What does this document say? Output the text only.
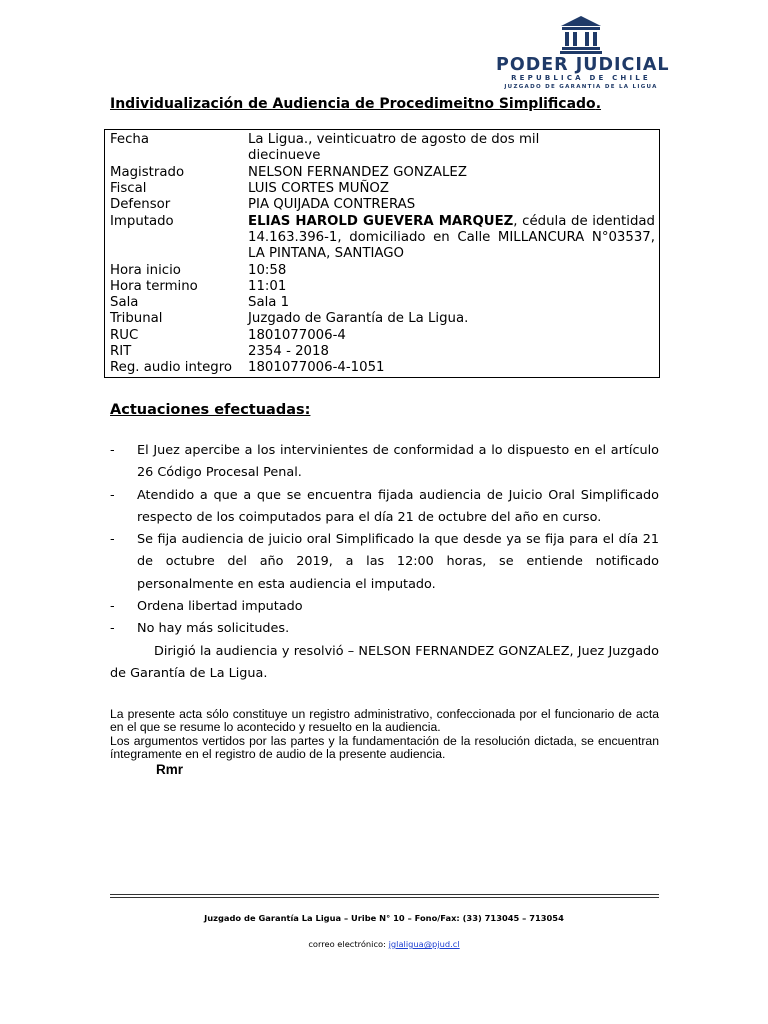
PODER JUDICIAL
REPUBLICA DE CHILE
JUZGADO DE GARANTIA DE LA LIGUA
Individualización de Audiencia de Procedimeitno Simplificado.
Fecha	La Ligua., veinticuatro de agosto de dos mil diecinueve
Magistrado	NELSON FERNANDEZ GONZALEZ
Fiscal	LUIS CORTES MUÑOZ
Defensor	PIA QUIJADA CONTRERAS
Imputado	ELIAS HAROLD GUEVERA MARQUEZ, cédula de identidad 14.163.396-1, domiciliado en Calle MILLANCURA N°03537, LA PINTANA, SANTIAGO
Hora inicio	10:58
Hora termino	11:01
Sala	Sala 1
Tribunal	Juzgado de Garantía de La Ligua.
RUC	1801077006-4
RIT	2354 - 2018
Reg. audio integro 1801077006-4-1051
Actuaciones efectuadas:
- El Juez apercibe a los intervinientes de conformidad a lo dispuesto en el artículo 26 Código Procesal Penal.
- Atendido a que a que se encuentra fijada audiencia de Juicio Oral Simplificado respecto de los coimputados para el día 21 de octubre del año en curso.
- Se fija audiencia de juicio oral Simplificado la que desde ya se fija para el día 21 de octubre del año 2019, a las 12:00 horas, se entiende notificado personalmente en esta audiencia el imputado.
- Ordena libertad imputado
- No hay más solicitudes.
Dirigió la audiencia y resolvió – NELSON FERNANDEZ GONZALEZ, Juez Juzgado de Garantía de La Ligua.
La presente acta sólo constituye un registro administrativo, confeccionada por el funcionario de acta en el que se resume lo acontecido y resuelto en la audiencia.
Los argumentos vertidos por las partes y la fundamentación de la resolución dictada, se encuentran íntegramente en el registro de audio de la presente audiencia.
Rmr
Juzgado de Garantía La Ligua – Uribe N° 10 – Fono/Fax: (33) 713045 – 713054
correo electrónico: jglaligua@pjud.cl
